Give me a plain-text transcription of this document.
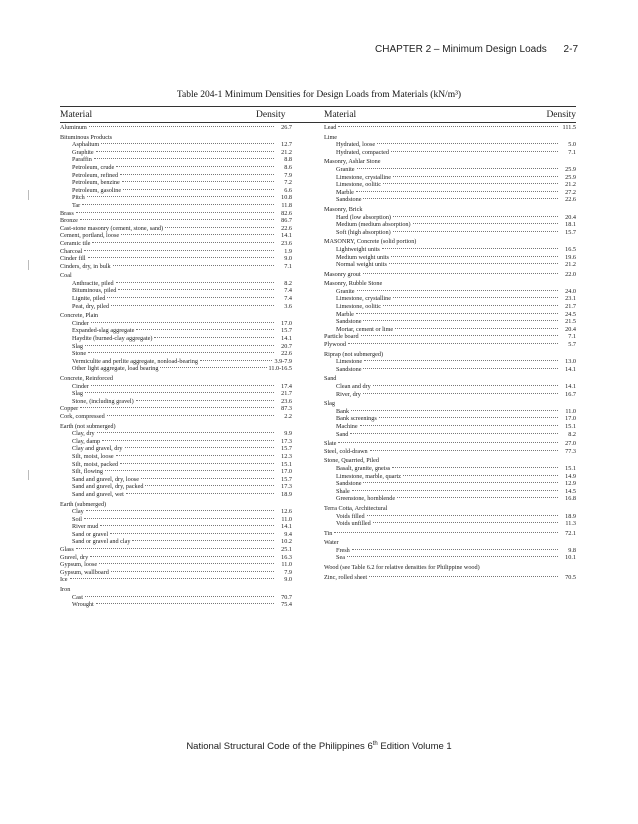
CHAPTER 2 – Minimum Design Loads 2-7
Table 204-1 Minimum Densities for Design Loads from Materials (kN/m³)
Material	Density	Material	Density
Aluminum	26.7
Bituminous Products
Asphaltum	12.7
Graphite	21.2
Paraffin	8.8
Petroleum, crude	8.6
Petroleum, refined	7.9
Petroleum, benzine	7.2
Petroleum, gasoline	6.6
Pitch	10.8
Tar	11.8
Brass	82.6
Bronze	86.7
Cast-stone masonry (cement, stone, sand)	22.6
Cement, portland, loose	14.1
Ceramic tile	23.6
Charcoal	1.9
Cinder fill	9.0
Cinders, dry, in bulk	7.1
Coal
Anthracite, piled	8.2
Bituminous, piled	7.4
Lignite, piled	7.4
Peat, dry, piled	3.6
Concrete, Plain
Cinder	17.0
Expanded-slag aggregate	15.7
Haydite (burned-clay aggregate)	14.1
Slag	20.7
Stone	22.6
Vermiculite and perlite aggregate, nonload-bearing	3.9-7.9
Other light aggregate, load bearing	11.0-16.5
Concrete, Reinforced
Cinder	17.4
Slag	21.7
Stone, (including gravel)	23.6
Copper	87.3
Cork, compressed	2.2
Earth (not submerged)
Clay, dry	9.9
Clay, damp	17.3
Clay and gravel, dry	15.7
Silt, moist, loose	12.3
Silt, moist, packed	15.1
Silt, flowing	17.0
Sand and gravel, dry, loose	15.7
Sand and gravel, dry, packed	17.3
Sand and gravel, wet	18.9
Earth (submerged)
Clay	12.6
Soil	11.0
River mud	14.1
Sand or gravel	9.4
Sand or gravel and clay	10.2
Glass	25.1
Gravel, dry	16.3
Gypsum, loose	11.0
Gypsum, wallboard	7.9
Ice	9.0
Iron
Cast	70.7
Wrought	75.4
Lead	111.5
Lime
Hydrated, loose	5.0
Hydrated, compacted	7.1
Masonry, Ashlar Stone
Granite	25.9
Limestone, crystalline	25.9
Limestone, oolitic	21.2
Marble	27.2
Sandstone	22.6
Masonry, Brick
Hard (low absorption)	20.4
Medium (medium absorption)	18.1
Soft (high absorption)	15.7
MASONRY, Concrete (solid portion)
Lightweight units	16.5
Medium weight units	19.6
Normal weight units	21.2
Masonry grout	22.0
Masonry, Rubble Stone
Granite	24.0
Limestone, crystalline	23.1
Limestone, oolitic	21.7
Marble	24.5
Sandstone	21.5
Mortar, cement or lime	20.4
Particle board	7.1
Plywood	5.7
Riprap (not submerged)
Limestone	13.0
Sandstone	14.1
Sand
Clean and dry	14.1
River, dry	16.7
Slag
Bank	11.0
Bank screenings	17.0
Machine	15.1
Sand	8.2
Slate	27.0
Steel, cold-drawn	77.3
Stone, Quarried, Piled
Basalt, granite, gneiss	15.1
Limestone, marble, quartz	14.9
Sandstone	12.9
Shale	14.5
Greenstone, hornblende	16.8
Terra Cotta, Architectural
Voids filled	18.9
Voids unfilled	11.3
Tin	72.1
Water
Fresh	9.8
Sea	10.1
Wood (see Table 6.2 for relative densities for Philippine wood)
Zinc, rolled sheet	70.5
National Structural Code of the Philippines 6th Edition Volume 1
